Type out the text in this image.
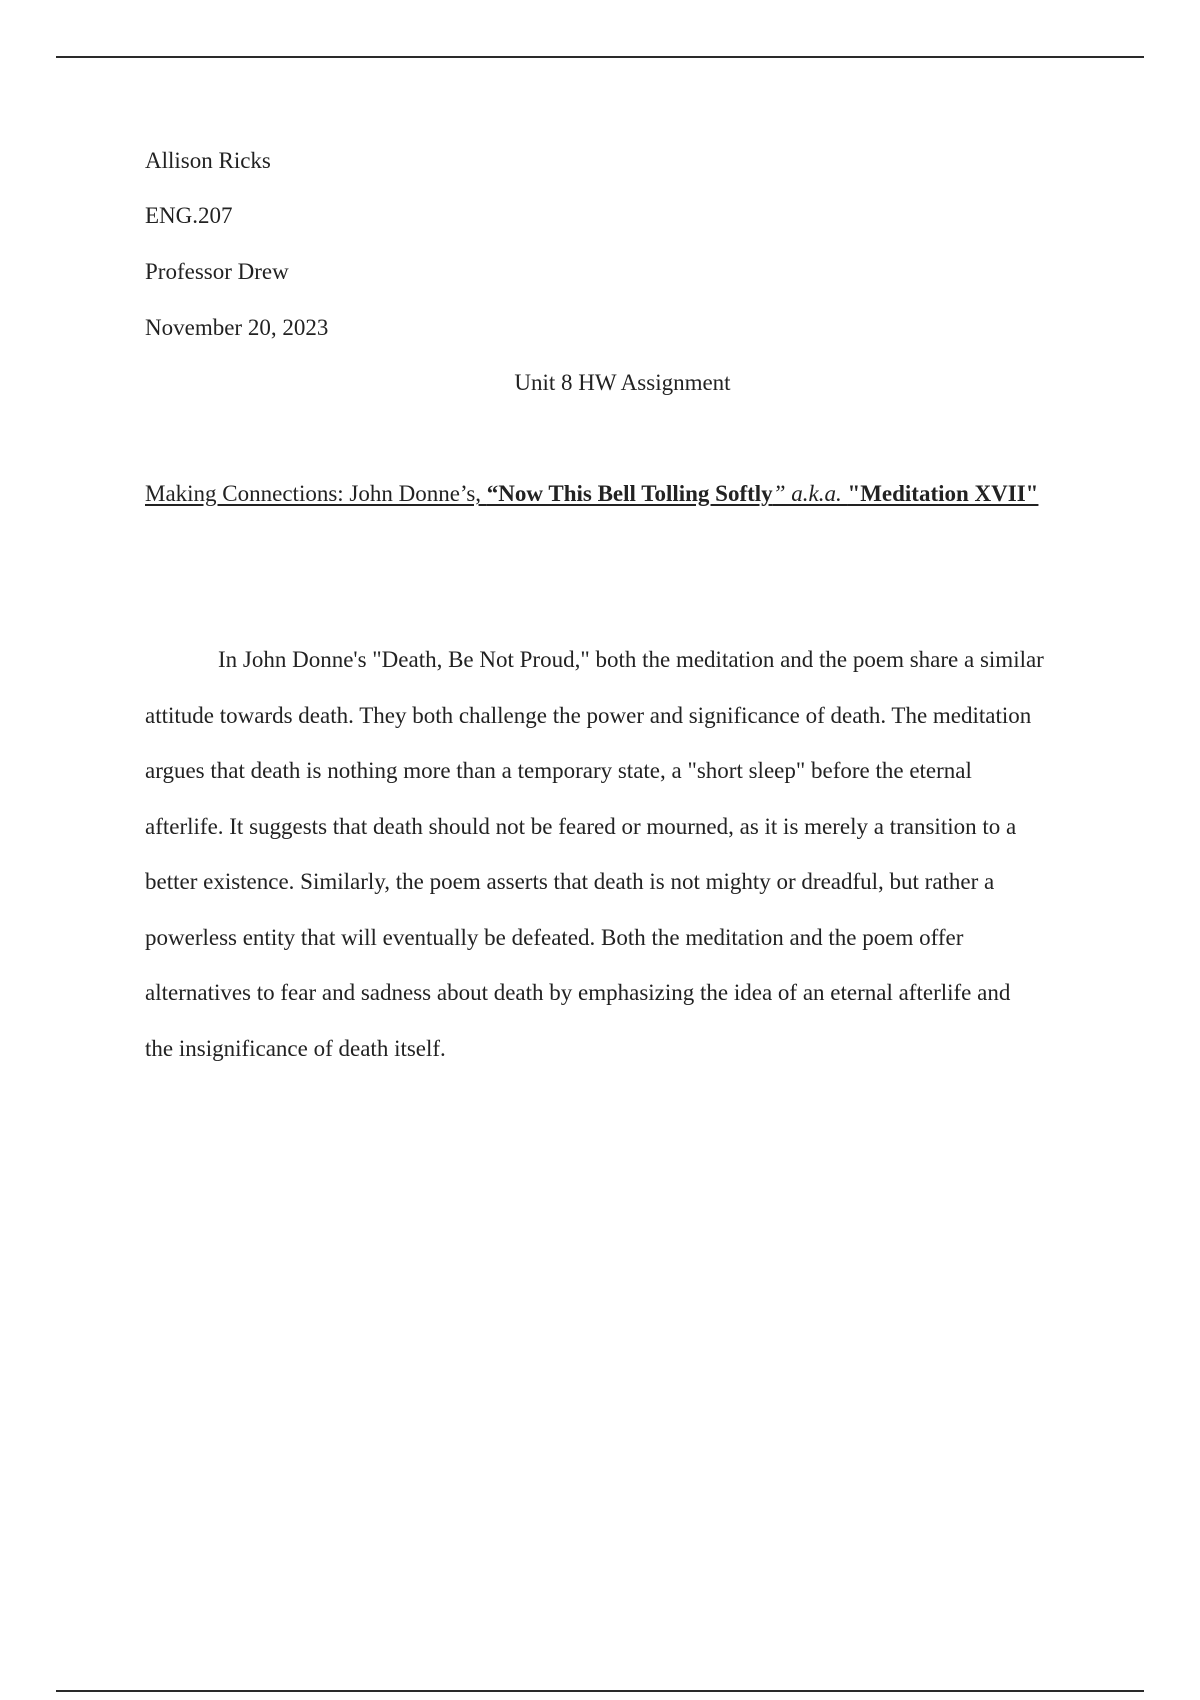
Allison Ricks
ENG.207
Professor Drew
November 20, 2023
Unit 8 HW Assignment
Making Connections: John Donne’s, “Now This Bell Tolling Softly” a.k.a. "Meditation XVII"
In John Donne's "Death, Be Not Proud," both the meditation and the poem share a similar
attitude towards death. They both challenge the power and significance of death. The meditation
argues that death is nothing more than a temporary state, a "short sleep" before the eternal
afterlife. It suggests that death should not be feared or mourned, as it is merely a transition to a
better existence. Similarly, the poem asserts that death is not mighty or dreadful, but rather a
powerless entity that will eventually be defeated. Both the meditation and the poem offer
alternatives to fear and sadness about death by emphasizing the idea of an eternal afterlife and
the insignificance of death itself.
